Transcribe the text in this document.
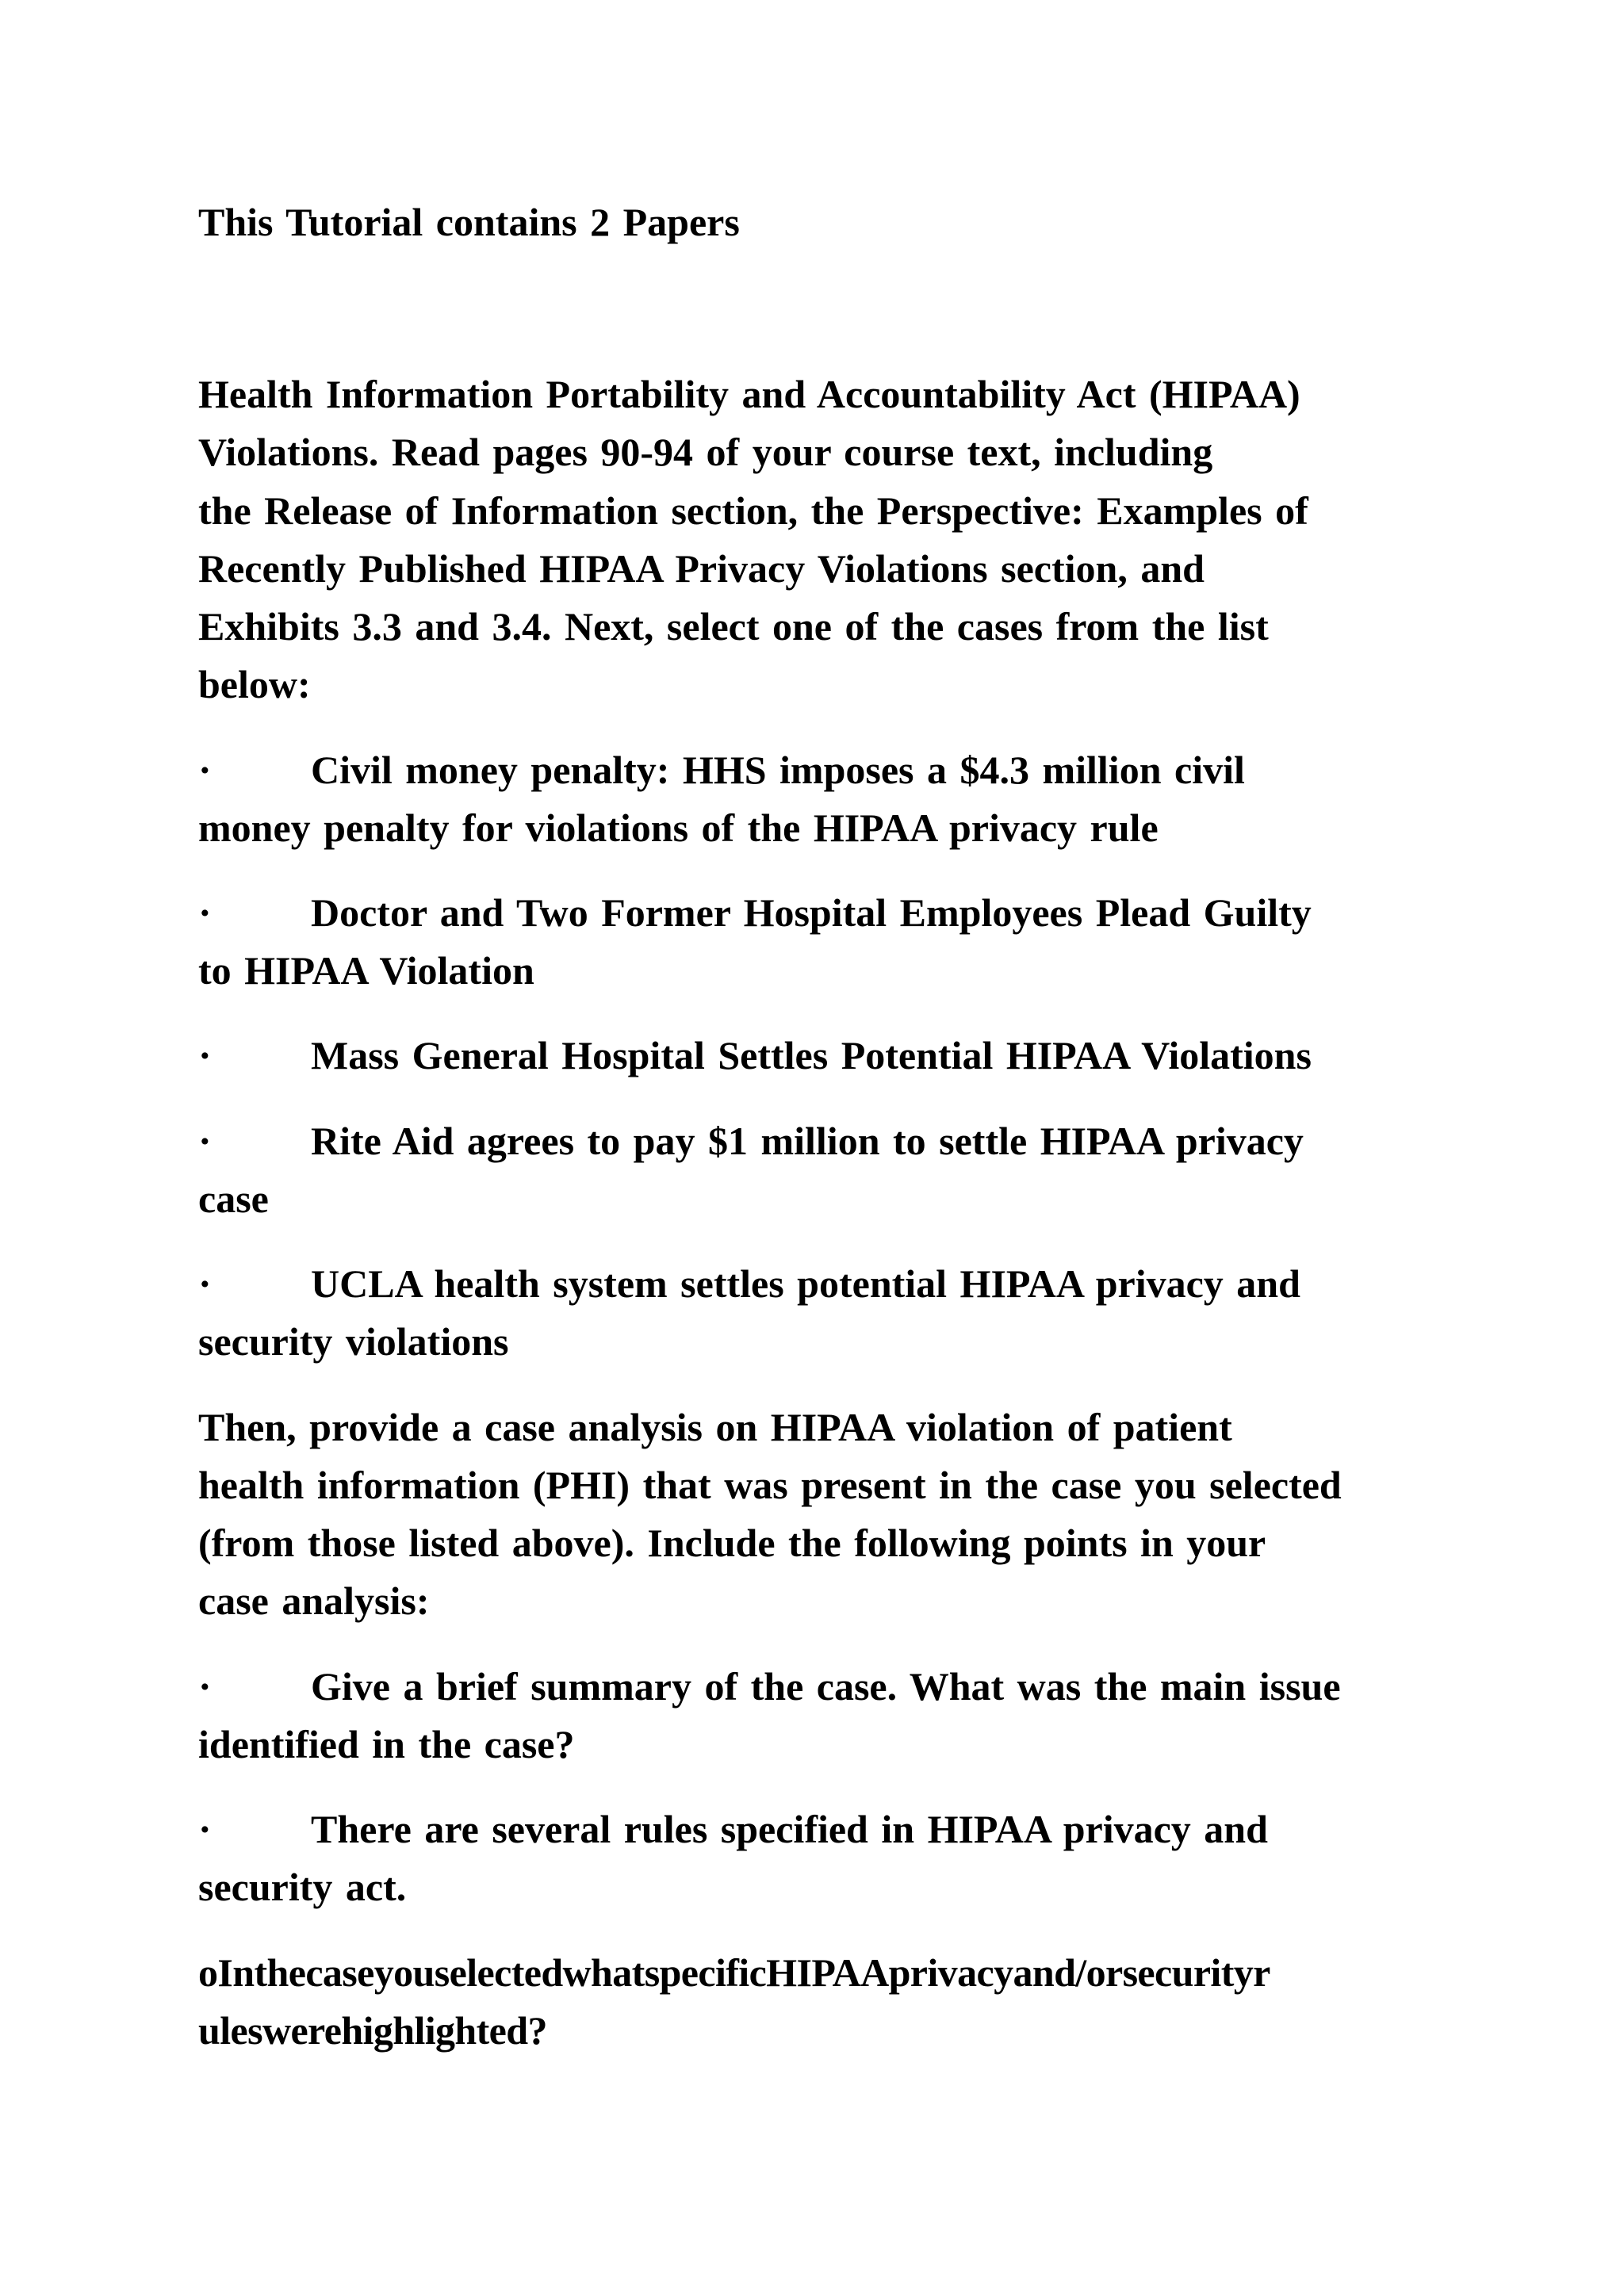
This Tutorial contains 2 Papers
Health Information Portability and Accountability Act (HIPAA)
Violations. Read pages 90-94 of your course text, including
the Release of Information section, the Perspective: Examples of
Recently Published HIPAA Privacy Violations section, and
Exhibits 3.3 and 3.4. Next, select one of the cases from the list
below:
·	Civil money penalty: HHS imposes a $4.3 million civil
money penalty for violations of the HIPAA privacy rule
·	Doctor and Two Former Hospital Employees Plead Guilty
to HIPAA Violation
·	Mass General Hospital Settles Potential HIPAA Violations
·	Rite Aid agrees to pay $1 million to settle HIPAA privacy
case
·	UCLA health system settles potential HIPAA privacy and
security violations
Then, provide a case analysis on HIPAA violation of patient
health information (PHI) that was present in the case you selected
(from those listed above). Include the following points in your
case analysis:
·	Give a brief summary of the case. What was the main issue
identified in the case?
·	There are several rules specified in HIPAA privacy and
security act.
oInthecaseyouselectedwhatspecificHIPAAprivacyand/orsecurityr
uleswerehighlighted?
